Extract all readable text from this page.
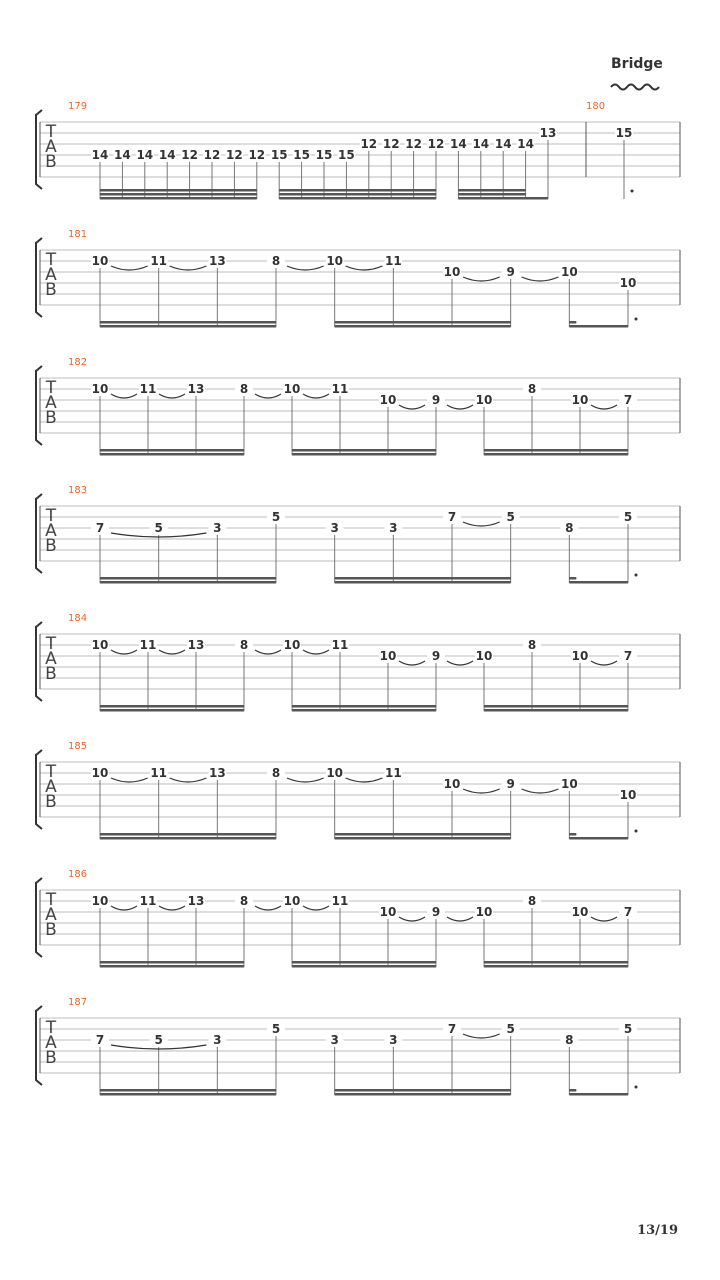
Bridge
T
A
B
179
14 14 14 14 12 12 12 12 15 15 15 15
12 12 12 12 14 14 14 14
13
180
15
T
A
B
181
10	11	13	8	10	11
10	9	10
10
T
A
B
182
10	11	13	8	10	11
10	9	10
8
10	7
T
A
B
183
7	5	3
5
3	3
7	5
8
5
T
A
B
184
10	11	13	8	10	11
10	9	10
8
10	7
T
A
B
185
10	11	13	8	10	11
10	9	10
10
T
A
B
186
10	11	13	8	10	11
10	9	10
8
10	7
T
A
B
187
7	5	3
5
3	3
7	5
8
5
13/19
